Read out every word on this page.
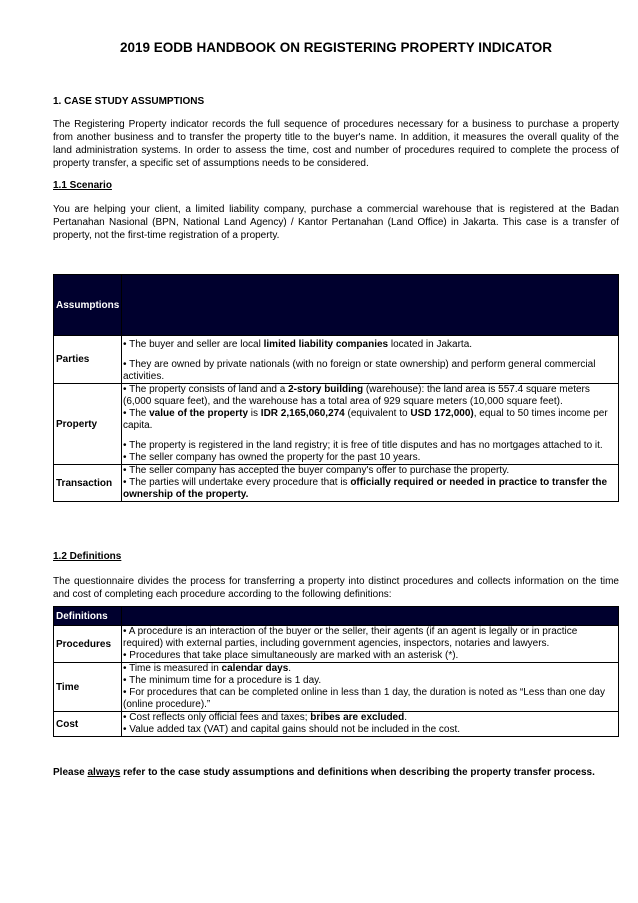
2019 EODB HANDBOOK ON REGISTERING PROPERTY INDICATOR
1. CASE STUDY ASSUMPTIONS
The Registering Property indicator records the full sequence of procedures necessary for a business to purchase a property from another business and to transfer the property title to the buyer's name. In addition, it measures the overall quality of the land administration systems. In order to assess the time, cost and number of procedures required to complete the process of property transfer, a specific set of assumptions needs to be considered.
1.1 Scenario
You are helping your client, a limited liability company, purchase a commercial warehouse that is registered at the Badan Pertanahan Nasional (BPN, National Land Agency) / Kantor Pertanahan (Land Office) in Jakarta. This case is a transfer of property, not the first-time registration of a property.
Assumptions	
Parties	• The buyer and seller are local limited liability companies located in Jakarta.
• They are owned by private nationals (with no foreign or state ownership) and perform general commercial activities.

Property	• The property consists of land and a 2-story building (warehouse): the land area is 557.4 square meters (6,000 square feet), and the warehouse has a total area of 929 square meters (10,000 square feet).
• The value of the property is IDR 2,165,060,274 (equivalent to USD 172,000), equal to 50 times income per capita.
• The property is registered in the land registry; it is free of title disputes and has no mortgages attached to it.
• The seller company has owned the property for the past 10 years.

Transaction	• The seller company has accepted the buyer company's offer to purchase the property.
• The parties will undertake every procedure that is officially required or needed in practice to transfer the ownership of the property.
1.2 Definitions
The questionnaire divides the process for transferring a property into distinct procedures and collects information on the time and cost of completing each procedure according to the following definitions:
Definitions	
Procedures	• A procedure is an interaction of the buyer or the seller, their agents (if an agent is legally or in practice required) with external parties, including government agencies, inspectors, notaries and lawyers.
• Procedures that take place simultaneously are marked with an asterisk (*).

Time	• Time is measured in calendar days.
• The minimum time for a procedure is 1 day.
• For procedures that can be completed online in less than 1 day, the duration is noted as “Less than one day (online procedure).”

Cost	• Cost reflects only official fees and taxes; bribes are excluded.
• Value added tax (VAT) and capital gains should not be included in the cost.
Please always refer to the case study assumptions and definitions when describing the property transfer process.
